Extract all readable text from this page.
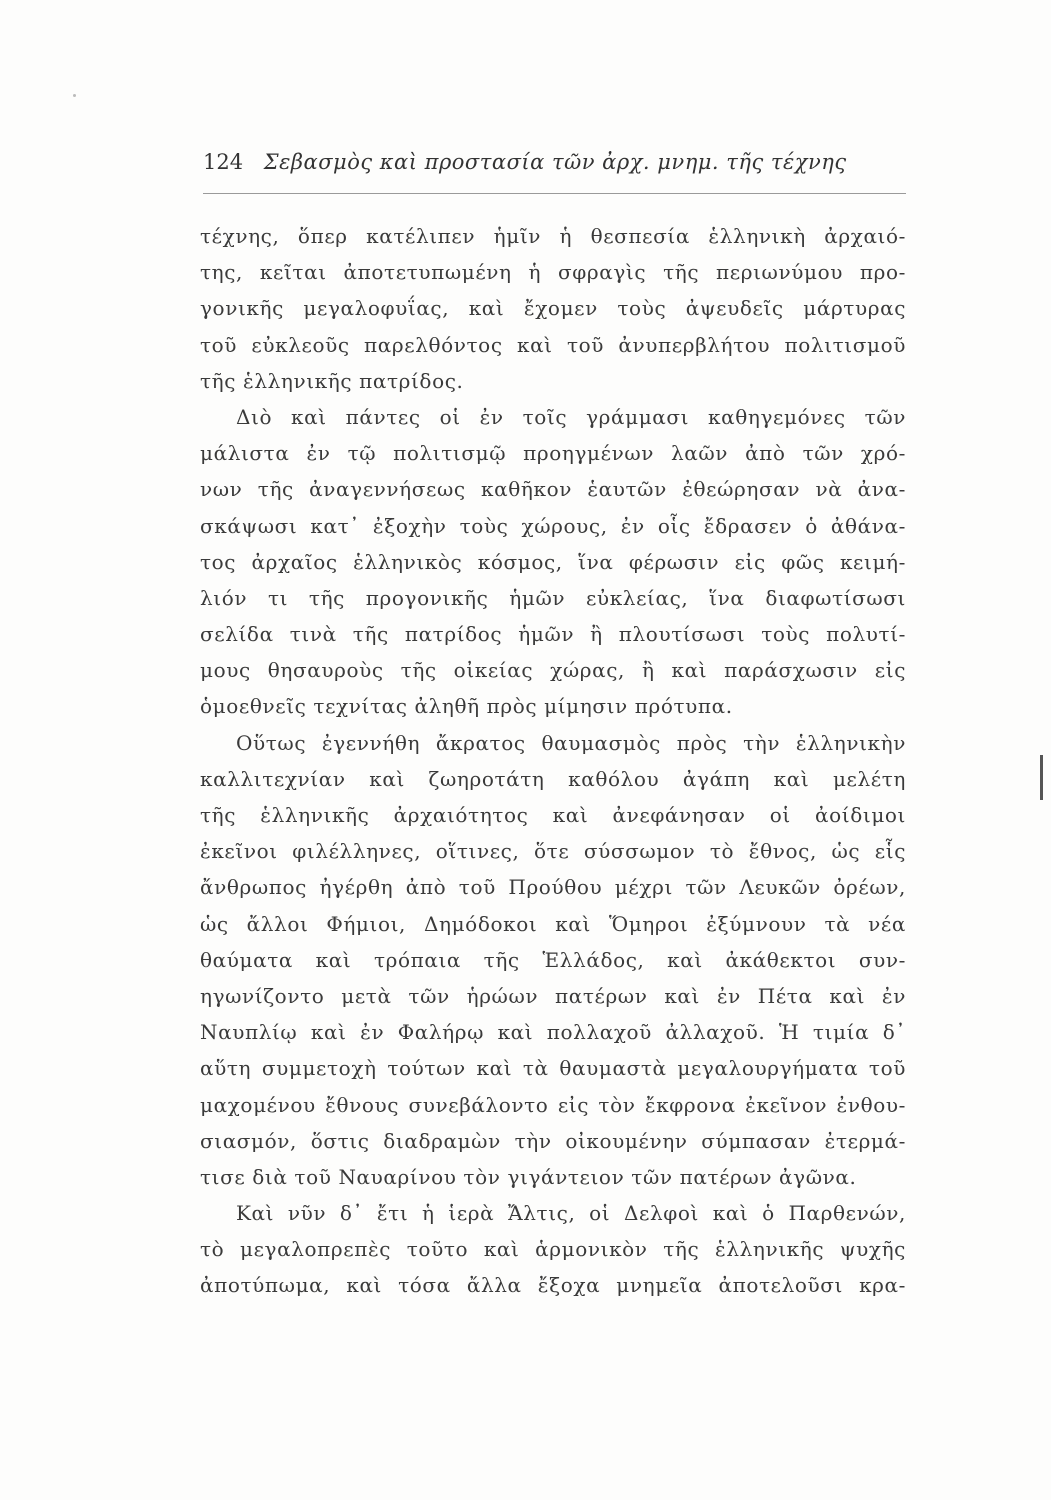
124 Σεβασμὸς καὶ προστασία τῶν ἀρχ. μνημ. τῆς τέχνης
τέχνης, ὅπερ κατέλιπεν ἡμῖν ἡ θεσπεσία ἑλληνικὴ ἀρχαιό-
της, κεῖται ἀποτετυπωμένη ἡ σφραγὶς τῆς περιωνύμου προ-
γονικῆς μεγαλοφυΐας, καὶ ἔχομεν τοὺς ἀψευδεῖς μάρτυρας
τοῦ εὐκλεοῦς παρελθόντος καὶ τοῦ ἀνυπερβλήτου πολιτισμοῦ
τῆς ἑλληνικῆς πατρίδος.
Διὸ καὶ πάντες οἱ ἐν τοῖς γράμμασι καθηγεμόνες τῶν
μάλιστα ἐν τῷ πολιτισμῷ προηγμένων λαῶν ἀπὸ τῶν χρό-
νων τῆς ἀναγεννήσεως καθῆκον ἑαυτῶν ἐθεώρησαν νὰ ἀνα-
σκάψωσι κατ᾽ ἐξοχὴν τοὺς χώρους, ἐν οἷς ἔδρασεν ὁ ἀθάνα-
τος ἀρχαῖος ἑλληνικὸς κόσμος, ἵνα φέρωσιν εἰς φῶς κειμή-
λιόν τι τῆς προγονικῆς ἡμῶν εὐκλείας, ἵνα διαφωτίσωσι
σελίδα τινὰ τῆς πατρίδος ἡμῶν ἢ πλουτίσωσι τοὺς πολυτί-
μους θησαυροὺς τῆς οἰκείας χώρας, ἢ καὶ παράσχωσιν εἰς
ὁμοεθνεῖς τεχνίτας ἀληθῆ πρὸς μίμησιν πρότυπα.
Οὕτως ἐγεννήθη ἄκρατος θαυμασμὸς πρὸς τὴν ἑλληνικὴν
καλλιτεχνίαν καὶ ζωηροτάτη καθόλου ἀγάπη καὶ μελέτη
τῆς ἑλληνικῆς ἀρχαιότητος καὶ ἀνεφάνησαν οἱ ἀοίδιμοι
ἐκεῖνοι φιλέλληνες, οἵτινες, ὅτε σύσσωμον τὸ ἔθνος, ὡς εἷς
ἄνθρωπος ἠγέρθη ἀπὸ τοῦ Προύθου μέχρι τῶν Λευκῶν ὀρέων,
ὡς ἄλλοι Φήμιοι, Δημόδοκοι καὶ Ὅμηροι ἐξύμνουν τὰ νέα
θαύματα καὶ τρόπαια τῆς Ἑλλάδος, καὶ ἀκάθεκτοι συν-
ηγωνίζοντο μετὰ τῶν ἡρώων πατέρων καὶ ἐν Πέτα καὶ ἐν
Ναυπλίῳ καὶ ἐν Φαλήρῳ καὶ πολλαχοῦ ἀλλαχοῦ. Ἡ τιμία δ᾽
αὕτη συμμετοχὴ τούτων καὶ τὰ θαυμαστὰ μεγαλουργήματα τοῦ
μαχομένου ἔθνους συνεβάλοντο εἰς τὸν ἔκφρονα ἐκεῖνον ἐνθου-
σιασμόν, ὅστις διαδραμὼν τὴν οἰκουμένην σύμπασαν ἐτερμά-
τισε διὰ τοῦ Ναυαρίνου τὸν γιγάντειον τῶν πατέρων ἀγῶνα.
Καὶ νῦν δ᾽ ἔτι ἡ ἱερὰ Ἄλτις, οἱ Δελφοὶ καὶ ὁ Παρθενών,
τὸ μεγαλοπρεπὲς τοῦτο καὶ ἁρμονικὸν τῆς ἑλληνικῆς ψυχῆς
ἀποτύπωμα, καὶ τόσα ἄλλα ἔξοχα μνημεῖα ἀποτελοῦσι κρα-
